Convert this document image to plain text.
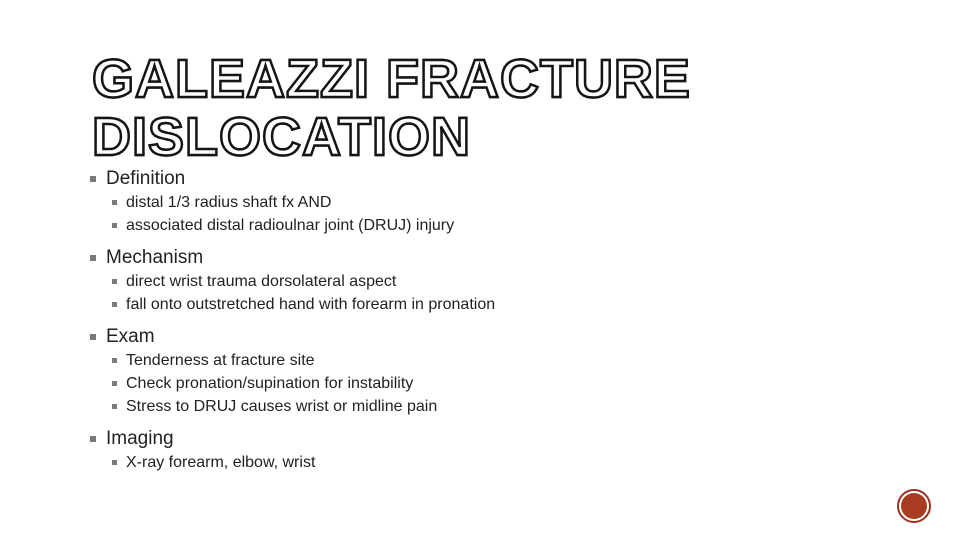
GALEAZZI FRACTURE
DISLOCATION
Definition
distal 1/3 radius shaft fx AND
associated distal radioulnar joint (DRUJ) injury
Mechanism
direct wrist trauma dorsolateral aspect
fall onto outstretched hand with forearm in pronation
Exam
Tenderness at fracture site
Check pronation/supination for instability
Stress to DRUJ causes wrist or midline pain
Imaging
X-ray forearm, elbow, wrist
